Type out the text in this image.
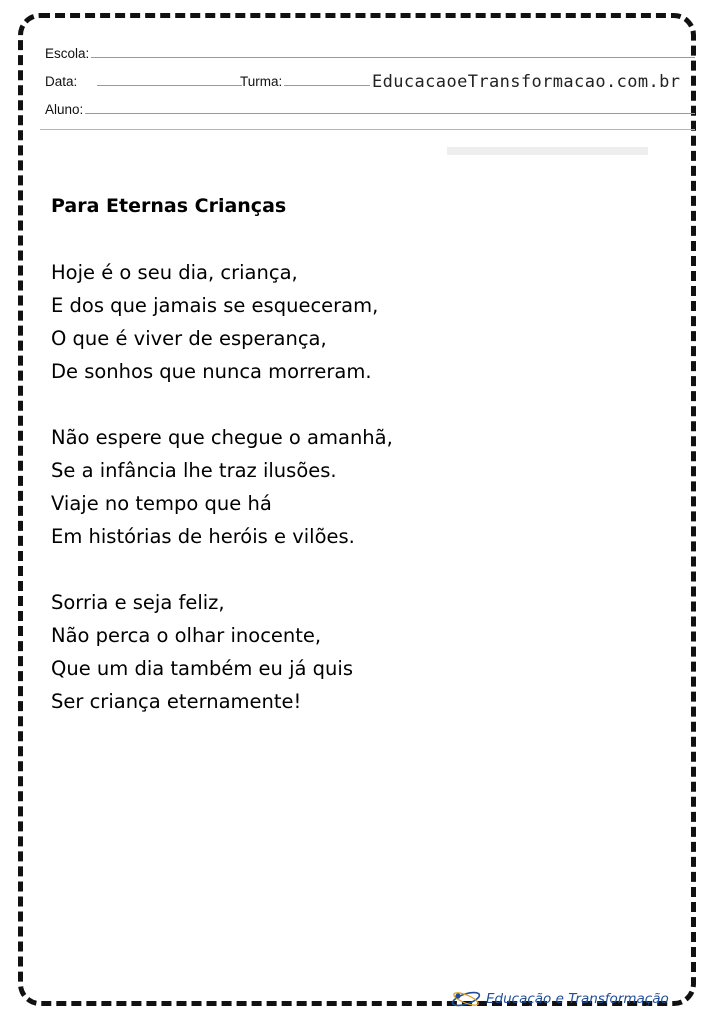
Escola:
Data:	Turma:
Aluno:
EducacaoeTransformacao.com.br
Para Eternas Crianças
Hoje é o seu dia, criança,
E dos que jamais se esqueceram,
O que é viver de esperança,
De sonhos que nunca morreram.
Não espere que chegue o amanhã,
Se a infância lhe traz ilusões.
Viaje no tempo que há
Em histórias de heróis e vilões.
Sorria e seja feliz,
Não perca o olhar inocente,
Que um dia também eu já quis
Ser criança eternamente!
Educação e Transformação
